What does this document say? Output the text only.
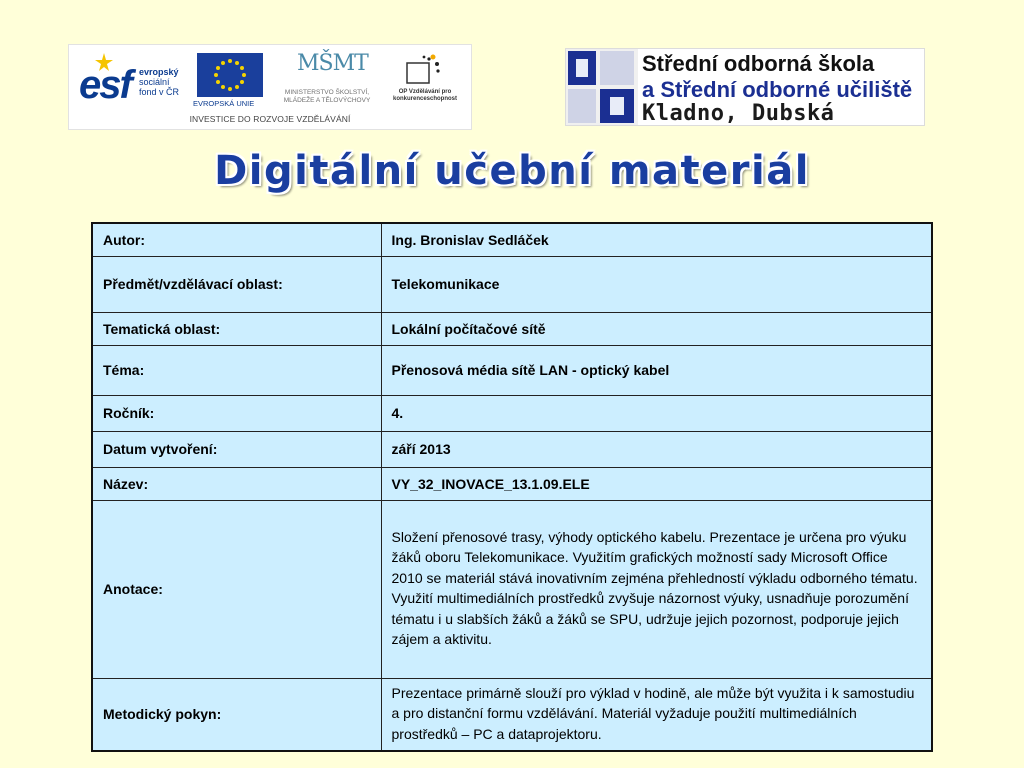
esf evropský
sociální
fond v ČR
EVROPSKÁ UNIE
MŠMT
MINISTERSTVO ŠKOLSTVÍ, MLÁDEŽE A TĚLOVÝCHOVY
OP Vzdělávání pro konkurenceschopnost
INVESTICE DO ROZVOJE VZDĚLÁVÁNÍ
Střední odborná škola
a Střední odborné učiliště
Kladno, Dubská
Digitální učební materiál
Autor:	Ing. Bronislav Sedláček
Předmět/vzdělávací oblast:	Telekomunikace
Tematická oblast:	Lokální počítačové sítě
Téma:	Přenosová média sítě LAN - optický kabel
Ročník:	4.
Datum vytvoření:	září 2013
Název:	VY_32_INOVACE_13.1.09.ELE
Anotace:	Složení přenosové trasy, výhody optického kabelu. Prezentace je určena pro výuku žáků oboru Telekomunikace. Využitím grafických možností sady Microsoft Office 2010 se materiál stává inovativním zejména přehledností výkladu odborného tématu. Využití multimediálních prostředků zvyšuje názornost výuky, usnadňuje porozumění tématu i u slabších žáků a žáků se SPU, udržuje jejich pozornost, podporuje jejich zájem a aktivitu.
Metodický pokyn:	Prezentace primárně slouží pro výklad v hodině, ale může být využita i k samostudiu a pro distanční formu vzdělávání. Materiál vyžaduje použití multimediálních prostředků – PC a dataprojektoru.
